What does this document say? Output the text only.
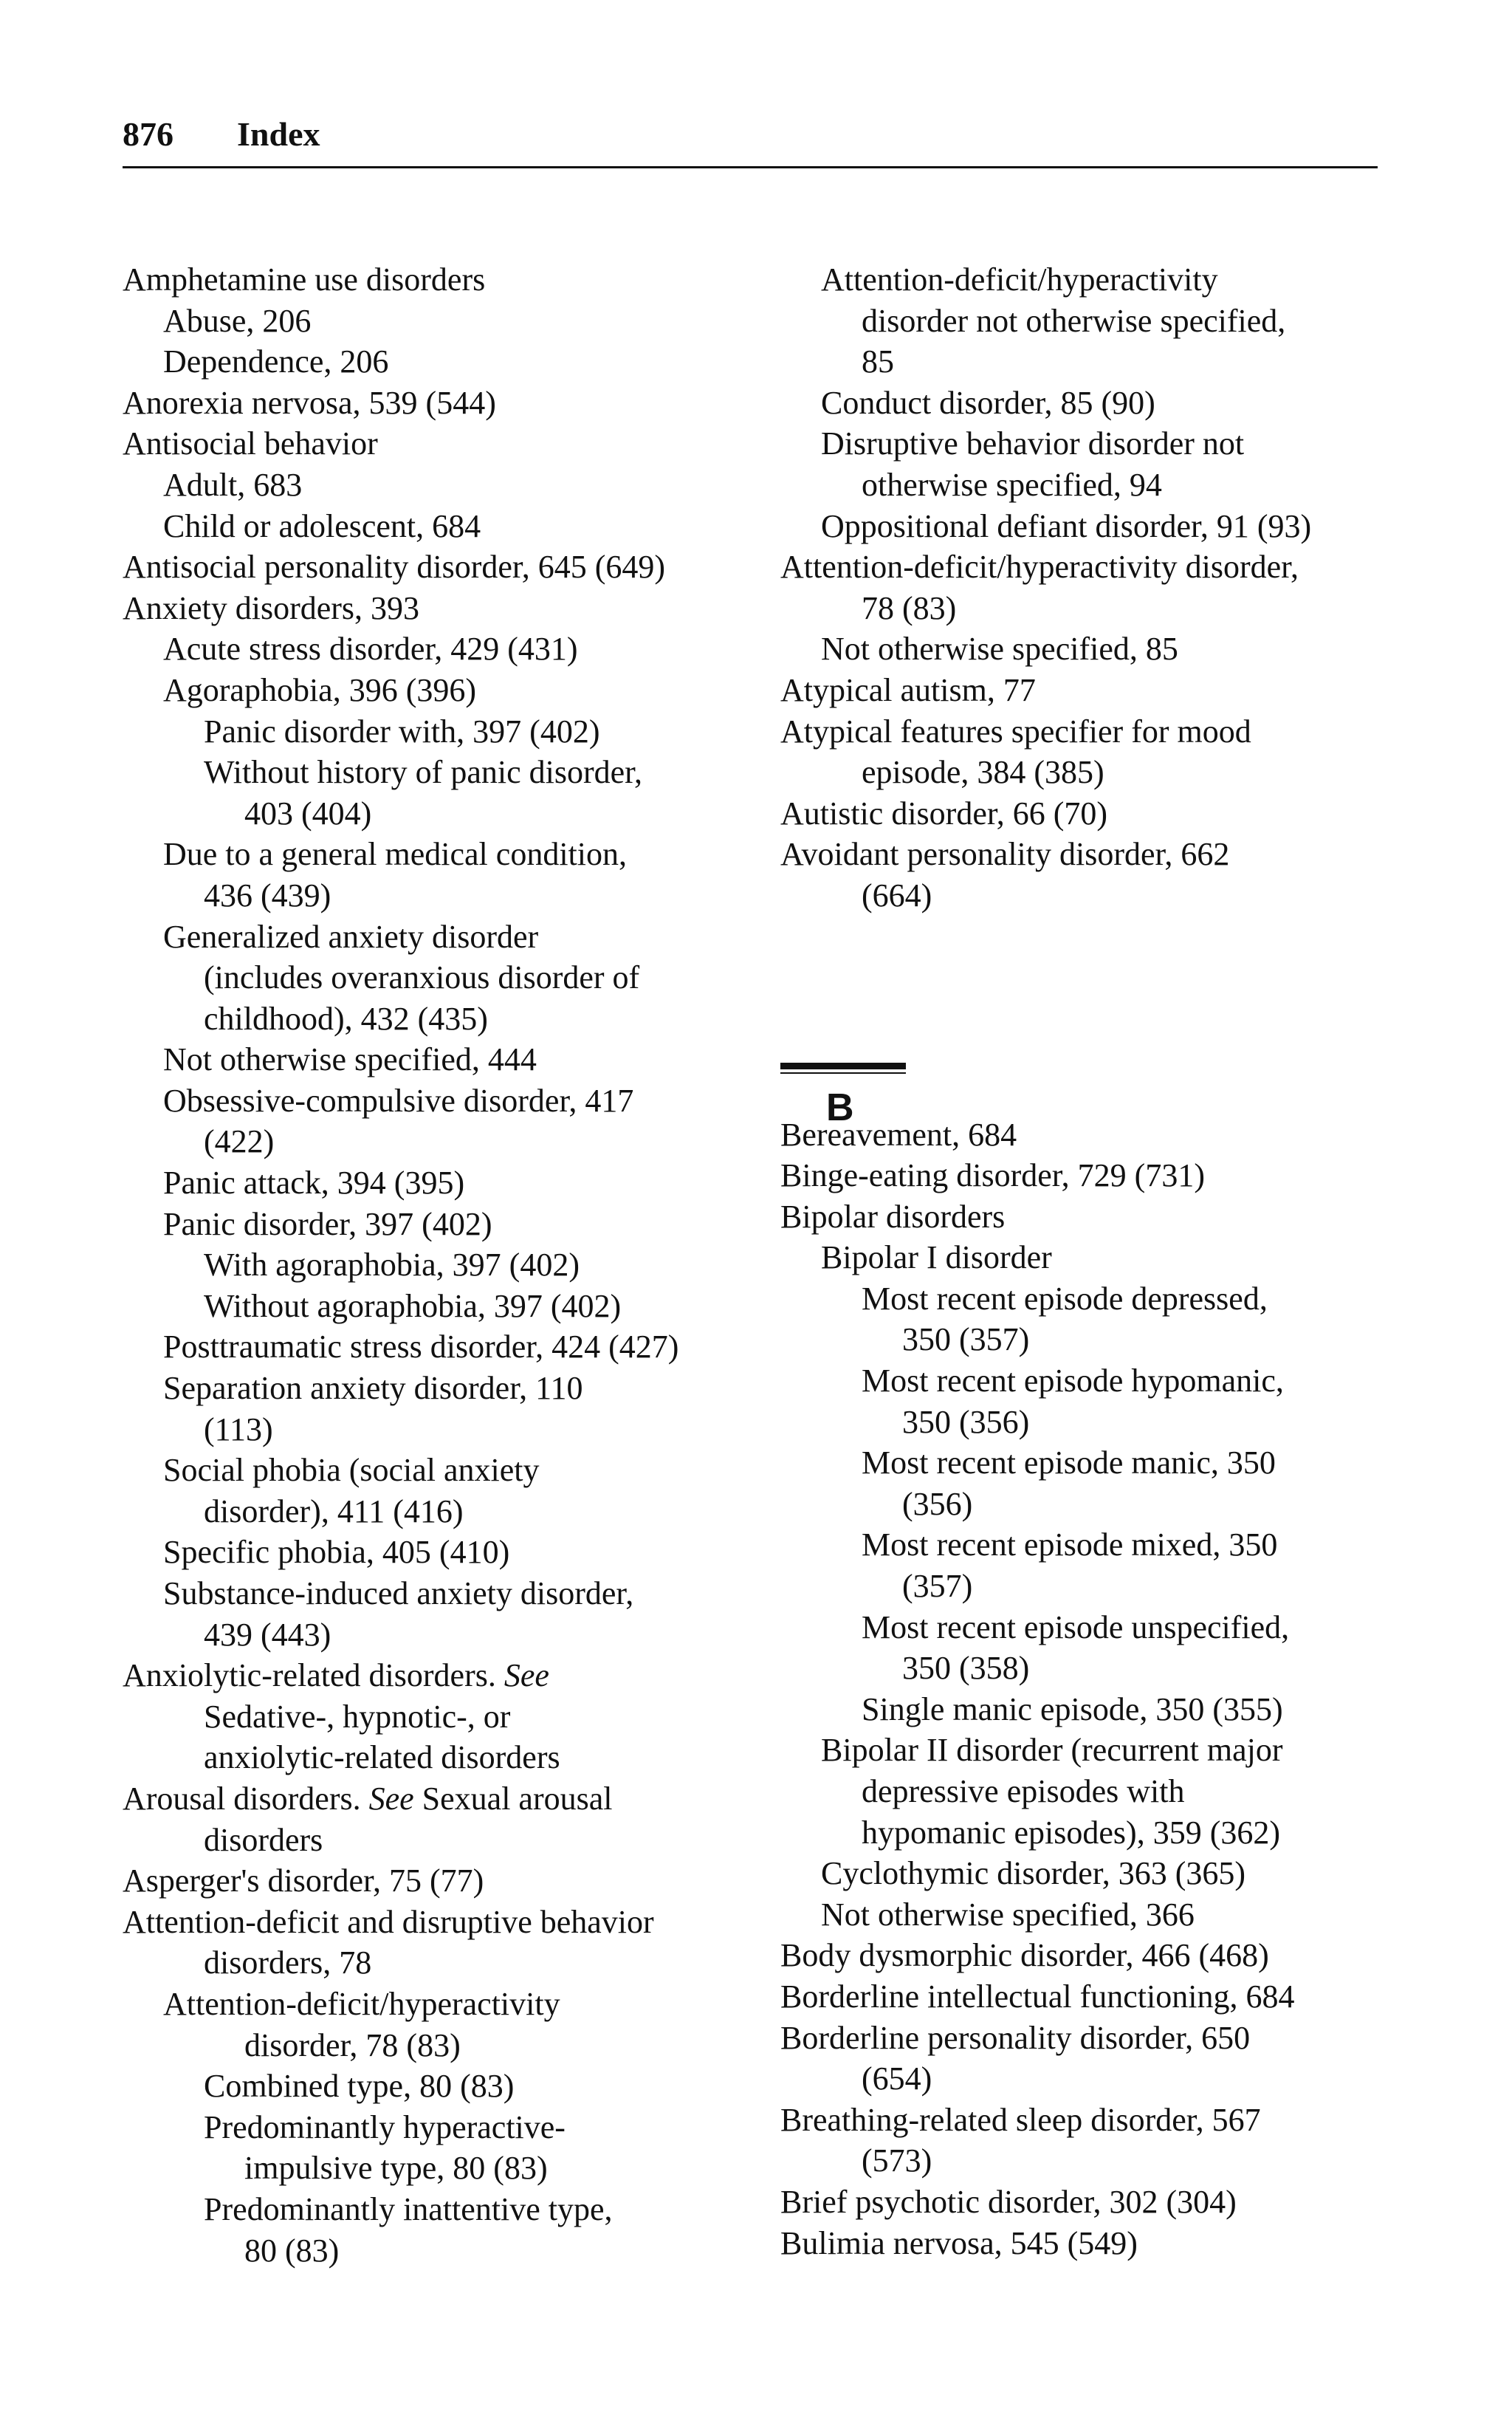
876 Index
Amphetamine use disorders
Abuse, 206
Dependence, 206
Anorexia nervosa, 539 (544)
Antisocial behavior
Adult, 683
Child or adolescent, 684
Antisocial personality disorder, 645 (649)
Anxiety disorders, 393
Acute stress disorder, 429 (431)
Agoraphobia, 396 (396)
Panic disorder with, 397 (402)
Without history of panic disorder,
403 (404)
Due to a general medical condition,
436 (439)
Generalized anxiety disorder
(includes overanxious disorder of
childhood), 432 (435)
Not otherwise specified, 444
Obsessive-compulsive disorder, 417
(422)
Panic attack, 394 (395)
Panic disorder, 397 (402)
With agoraphobia, 397 (402)
Without agoraphobia, 397 (402)
Posttraumatic stress disorder, 424 (427)
Separation anxiety disorder, 110
(113)
Social phobia (social anxiety
disorder), 411 (416)
Specific phobia, 405 (410)
Substance-induced anxiety disorder,
439 (443)
Anxiolytic-related disorders. See
Sedative-, hypnotic-, or
anxiolytic-related disorders
Arousal disorders. See Sexual arousal
disorders
Asperger's disorder, 75 (77)
Attention-deficit and disruptive behavior
disorders, 78
Attention-deficit/hyperactivity
disorder, 78 (83)
Combined type, 80 (83)
Predominantly hyperactive-
impulsive type, 80 (83)
Predominantly inattentive type,
80 (83)
Attention-deficit/hyperactivity
disorder not otherwise specified,
85
Conduct disorder, 85 (90)
Disruptive behavior disorder not
otherwise specified, 94
Oppositional defiant disorder, 91 (93)
Attention-deficit/hyperactivity disorder,
78 (83)
Not otherwise specified, 85
Atypical autism, 77
Atypical features specifier for mood
episode, 384 (385)
Autistic disorder, 66 (70)
Avoidant personality disorder, 662
(664)
B
Bereavement, 684
Binge-eating disorder, 729 (731)
Bipolar disorders
Bipolar I disorder
Most recent episode depressed,
350 (357)
Most recent episode hypomanic,
350 (356)
Most recent episode manic, 350
(356)
Most recent episode mixed, 350
(357)
Most recent episode unspecified,
350 (358)
Single manic episode, 350 (355)
Bipolar II disorder (recurrent major
depressive episodes with
hypomanic episodes), 359 (362)
Cyclothymic disorder, 363 (365)
Not otherwise specified, 366
Body dysmorphic disorder, 466 (468)
Borderline intellectual functioning, 684
Borderline personality disorder, 650
(654)
Breathing-related sleep disorder, 567
(573)
Brief psychotic disorder, 302 (304)
Bulimia nervosa, 545 (549)
